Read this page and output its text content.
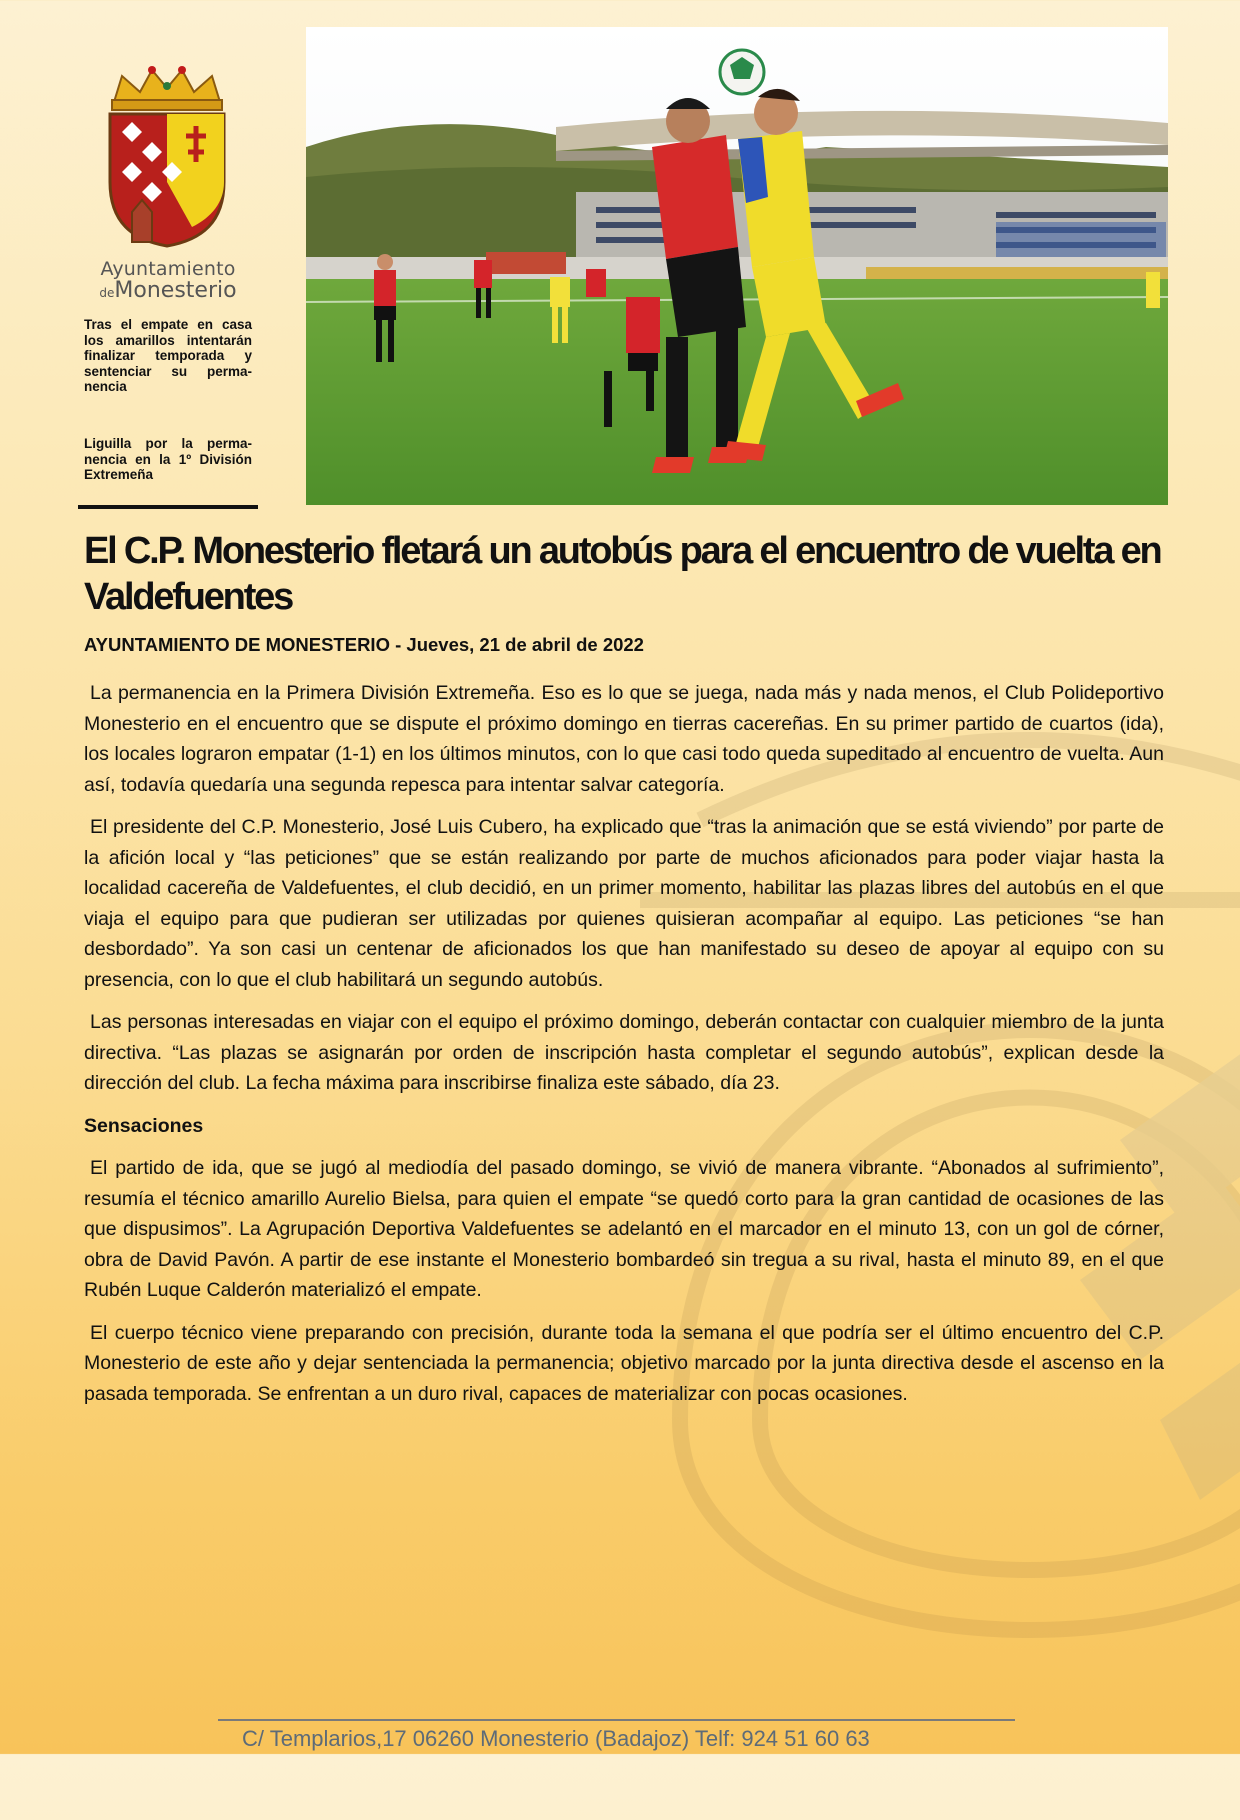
Ayuntamiento
deMonesterio
Tras el empate en casa los amarillos intentarán finalizar temporada y sentenciar su permanencia
Liguilla por la permanencia en la 1º División Extremeña
El C.P. Monesterio fletará un autobús para el encuentro de vuelta en Valdefuentes
AYUNTAMIENTO DE MONESTERIO - Jueves, 21 de abril de 2022

La permanencia en la Primera División Extremeña. Eso es lo que se juega, nada más y nada menos, el Club Polideportivo Monesterio en el encuentro que se dispute el próximo domingo en tierras cacereñas. En su primer partido de cuartos (ida), los locales lograron empatar (1-1) en los últimos minutos, con lo que casi todo queda supeditado al encuentro de vuelta. Aun así, todavía quedaría una segunda repesca para intentar salvar categoría.

El presidente del C.P. Monesterio, José Luis Cubero, ha explicado que “tras la animación que se está viviendo” por parte de la afición local y “las peticiones” que se están realizando por parte de muchos aficionados para poder viajar hasta la localidad cacereña de Valdefuentes, el club decidió, en un primer momento, habilitar las plazas libres del autobús en el que viaja el equipo para que pudieran ser utilizadas por quienes quisieran acompañar al equipo. Las peticiones “se han desbordado”. Ya son casi un centenar de aficionados los que han manifestado su deseo de apoyar al equipo con su presencia, con lo que el club habilitará un segundo autobús.

Las personas interesadas en viajar con el equipo el próximo domingo, deberán contactar con cualquier miembro de la junta directiva. “Las plazas se asignarán por orden de inscripción hasta completar el segundo autobús”, explican desde la dirección del club. La fecha máxima para inscribirse finaliza este sábado, día 23.

Sensaciones

El partido de ida, que se jugó al mediodía del pasado domingo, se vivió de manera vibrante. “Abonados al sufrimiento”, resumía el técnico amarillo Aurelio Bielsa, para quien el empate “se quedó corto para la gran cantidad de ocasiones de las que dispusimos”. La Agrupación Deportiva Valdefuentes se adelantó en el marcador en el minuto 13, con un gol de córner, obra de David Pavón. A partir de ese instante el Monesterio bombardeó sin tregua a su rival, hasta el minuto 89, en el que Rubén Luque Calderón materializó el empate.

El cuerpo técnico viene preparando con precisión, durante toda la semana el que podría ser el último encuentro del C.P. Monesterio de este año y dejar sentenciada la permanencia; objetivo marcado por la junta directiva desde el ascenso en la pasada temporada. Se enfrentan a un duro rival, capaces de materializar con pocas ocasiones.

C/ Templarios,17 06260 Monesterio (Badajoz) Telf: 924 51 60 63
